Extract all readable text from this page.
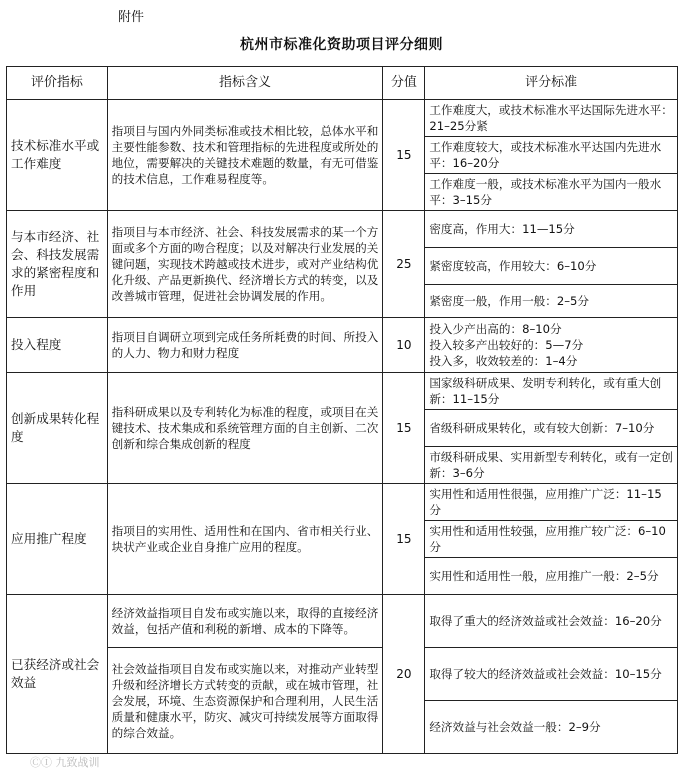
附件
杭州市标准化资助项目评分细则
评价指标	指标含义	分值	评分标准
技术标准水平或工作难度	指项目与国内外同类标准或技术相比较，总体水平和主要性能参数、技术和管理指标的先进程度或所处的地位，需要解决的关键技术难题的数量，有无可借鉴的技术信息，工作难易程度等。	15	工作难度大，或技术标准水平达国际先进水平：21–25分紧
			工作难度较大，或技术标准水平达国内先进水平：16–20分
			工作难度一般，或技术标准水平为国内一般水平：3–15分
与本市经济、社会、科技发展需求的紧密程度和作用	指项目与本市经济、社会、科技发展需求的某一个方面或多个方面的吻合程度；以及对解决行业发展的关键问题，实现技术跨越或技术进步，或对产业结构优化升级、产品更新换代、经济增长方式的转变，以及改善城市管理，促进社会协调发展的作用。	25	密度高，作用大：11—15分
			紧密度较高，作用较大：6–10分
			紧密度一般，作用一般：2–5分
投入程度	指项目自调研立项到完成任务所耗费的时间、所投入的人力、物力和财力程度	10	投入少产出高的：8–10分
投入较多产出较好的：5—7分
投入多，收效较差的：1–4分
创新成果转化程度	指科研成果以及专利转化为标准的程度，或项目在关键技术、技术集成和系统管理方面的自主创新、二次创新和综合集成创新的程度	15	国家级科研成果、发明专利转化，或有重大创新：11–15分
			省级科研成果转化，或有较大创新：7–10分
			市级科研成果、实用新型专利转化，或有一定创新：3–6分
应用推广程度	指项目的实用性、适用性和在国内、省市相关行业、块状产业或企业自身推广应用的程度。	15	实用性和适用性很强，应用推广广泛：11–15分
			实用性和适用性较强，应用推广较广泛：6–10分
			实用性和适用性一般，应用推广一般：2–5分
已获经济或社会效益	经济效益指项目自发布或实施以来，取得的直接经济效益，包括产值和利税的新增、成本的下降等。	20	取得了重大的经济效益或社会效益：16–20分
	社会效益指项目自发布或实施以来，对推动产业转型升级和经济增长方式转变的贡献，或在城市管理，社会发展，环境、生态资源保护和合理利用，人民生活质量和健康水平，防灾、减灾可持续发展等方面取得的综合效益。		取得了较大的经济效益或社会效益：10–15分
			经济效益与社会效益一般：2–9分
ⒸⒾ 九致战训
